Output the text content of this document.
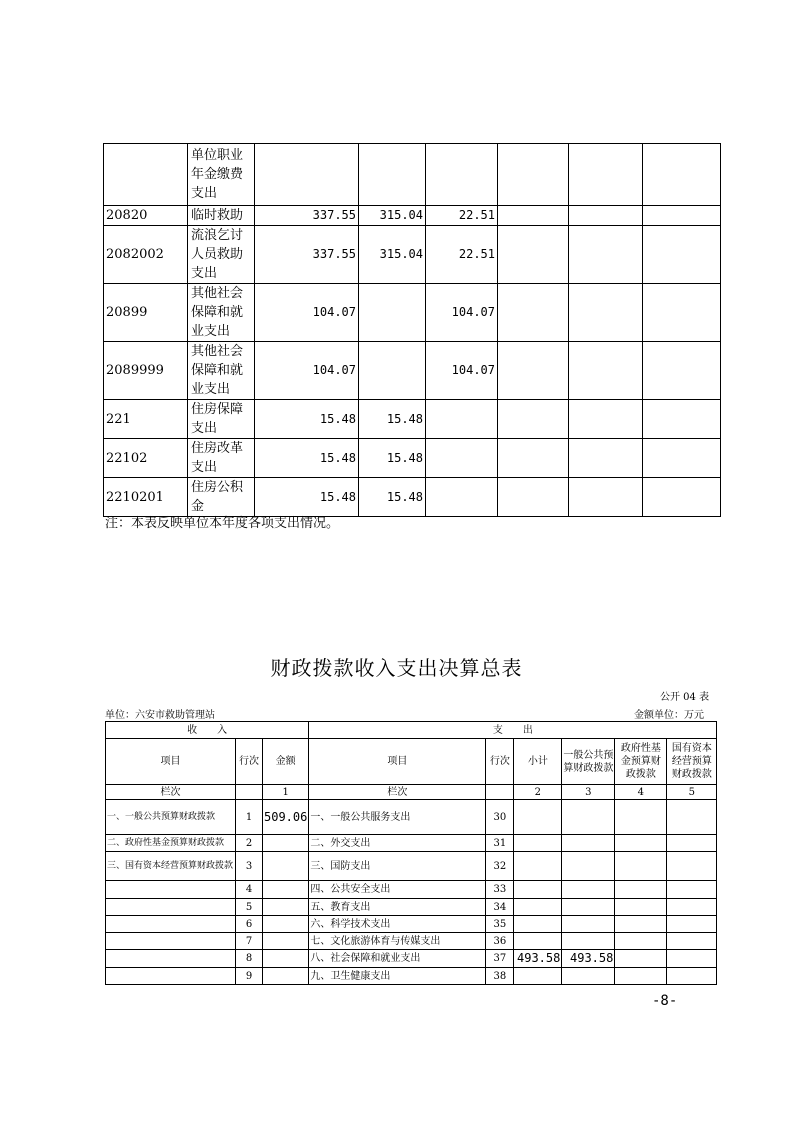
	单位职业年金缴费支出						
20820	临时救助	337.55	315.04	22.51			
2082002	流浪乞讨人员救助支出	337.55	315.04	22.51			
20899	其他社会保障和就业支出	104.07		104.07			
2089999	其他社会保障和就业支出	104.07		104.07			
221	住房保障支出	15.48	15.48				
22102	住房改革支出	15.48	15.48				
2210201	住房公积金	15.48	15.48				
注：本表反映单位本年度各项支出情况。
财政拨款收入支出决算总表
公开 04 表
单位：六安市救助管理站	金额单位：万元
收　　入			支　　出					
项目	行次	金额	项目	行次	小计	一般公共预算财政拨款	政府性基金预算财政拨款	国有资本经营预算财政拨款
栏次		1	栏次		2	3	4	5
一、一般公共预算财政拨款	1	509.06	一、一般公共服务支出	30				
二、政府性基金预算财政拨款	2		二、外交支出	31				
三、国有资本经营预算财政拨款	3		三、国防支出	32				
	4		四、公共安全支出	33				
	5		五、教育支出	34				
	6		六、科学技术支出	35				
	7		七、文化旅游体育与传媒支出	36				
	8		八、社会保障和就业支出	37	493.58	493.58		
	9		九、卫生健康支出	38				
-8-
